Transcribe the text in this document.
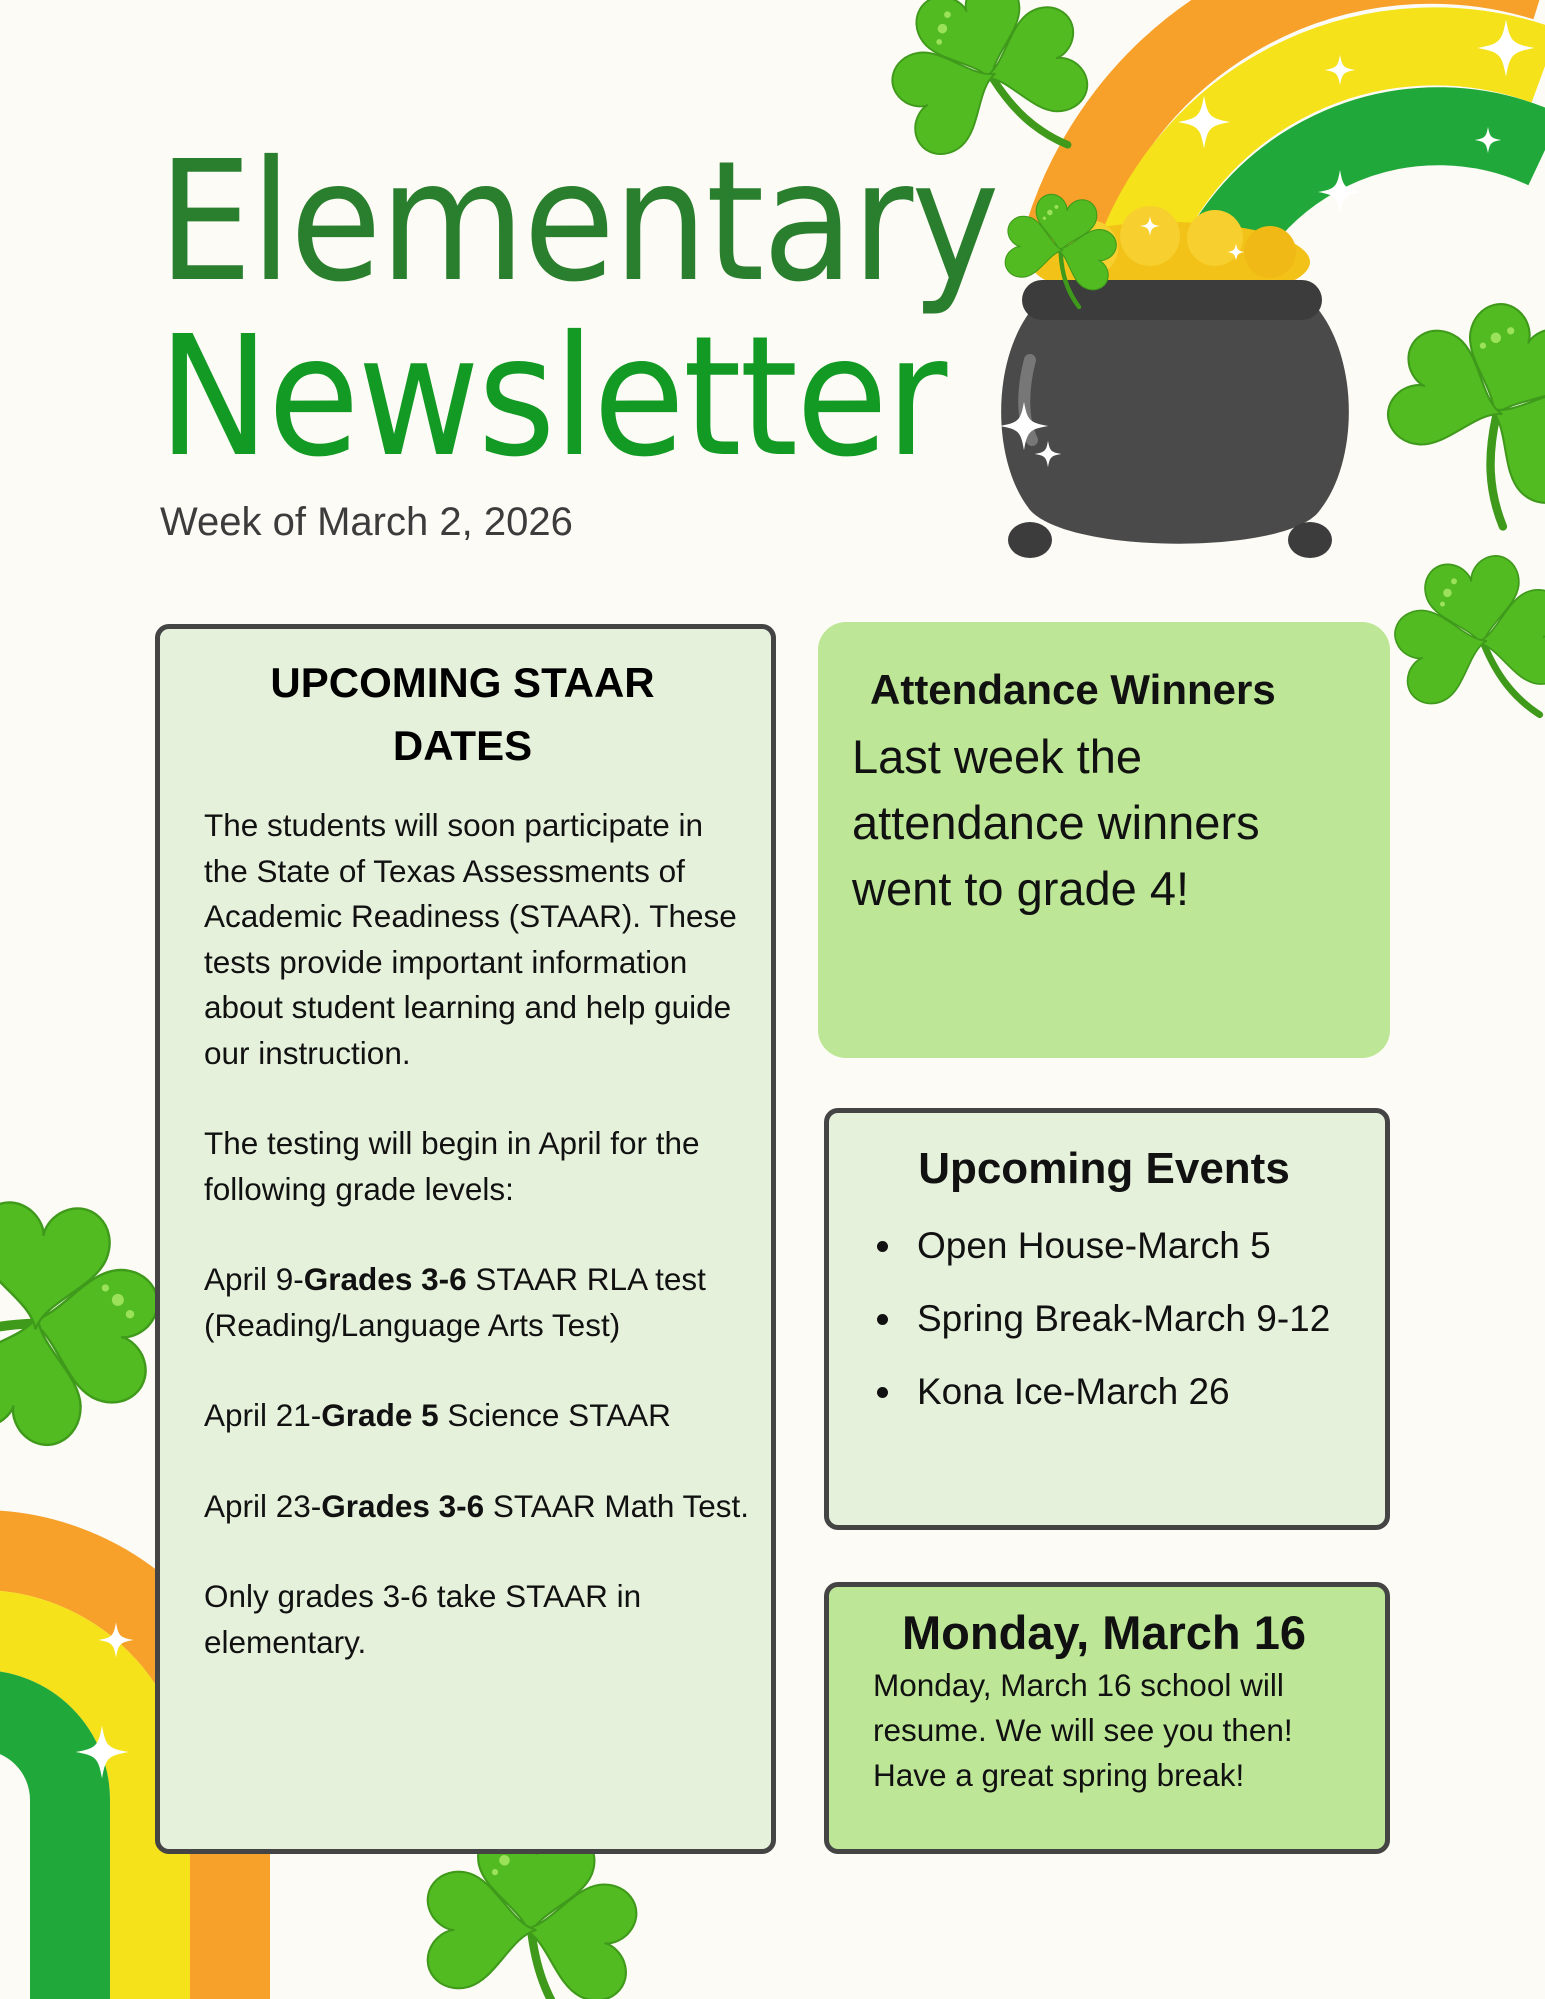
Elementary
Newsletter

Week of March 2, 2026

UPCOMING STAAR DATES

The students will soon participate in the State of Texas Assessments of Academic Readiness (STAAR). These tests provide important information about student learning and help guide our instruction.

The testing will begin in April for the following grade levels:

April 9-Grades 3-6 STAAR RLA test (Reading/Language Arts Test)

April 21-Grade 5 Science STAAR

April 23-Grades 3-6 STAAR Math Test.

Only grades 3-6 take STAAR in elementary.

Attendance Winners

Last week the attendance winners went to grade 4!

Upcoming Events
Open House-March 5
Spring Break-March 9-12
Kona Ice-March 26
Monday, March 16

Monday, March 16 school will resume. We will see you then! Have a great spring break!
